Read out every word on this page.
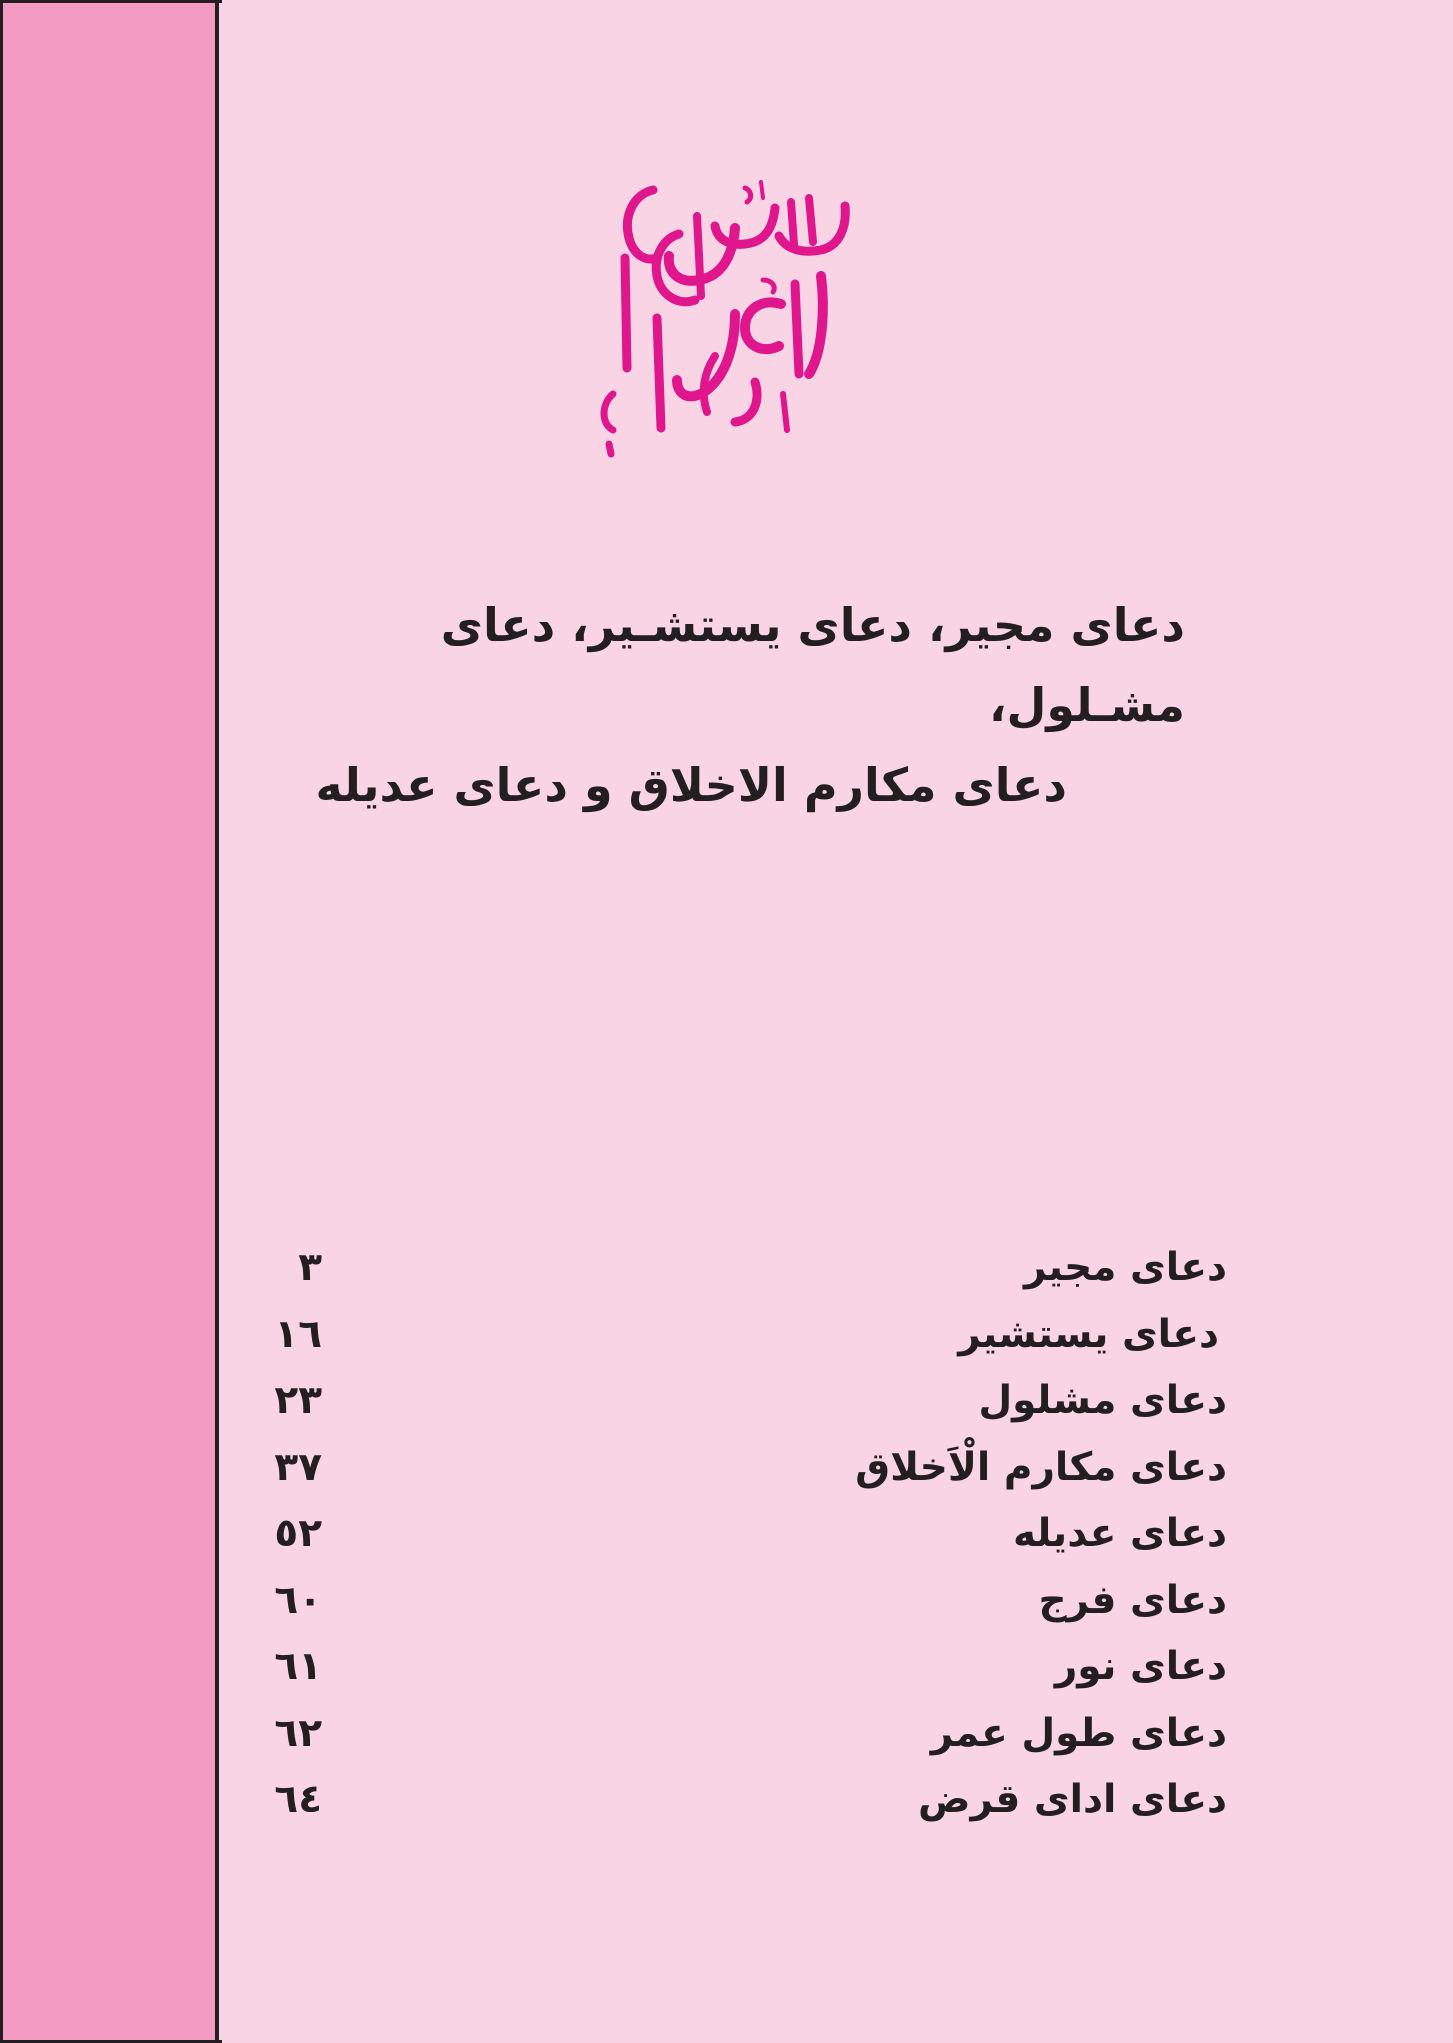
دعای مجیر، دعای یستشـیر، دعای مشـلول،
دعای مکارم الاخلاق و دعای عدیله
دعای مجیر
٣
دعای یستشیر
١٦
دعای مشلول
٢٣
دعای مکارم الْاَخلاق
٣٧
دعای عدیله
٥٢
دعای فرج
٦٠
دعای نور
٦١
دعای طول عمر
٦٢
دعای ادای قرض
٦٤
